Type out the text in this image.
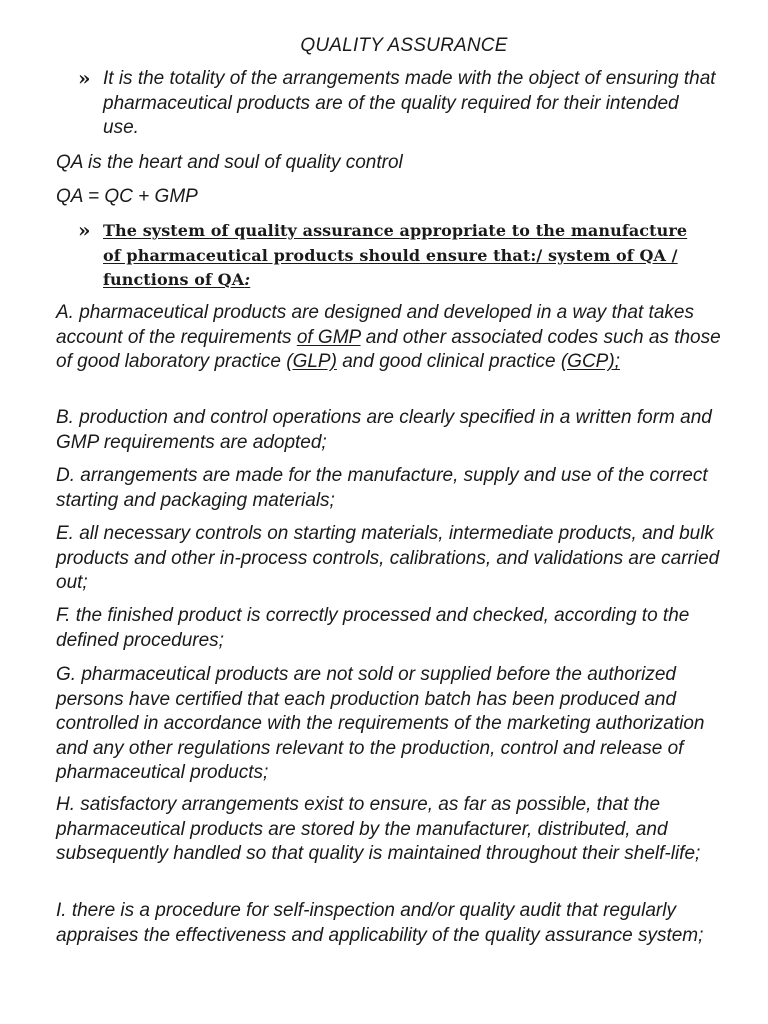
QUALITY ASSURANCE
» It is the totality of the arrangements made with the object of ensuring that pharmaceutical products are of the quality required for their intended use.
QA is the heart and soul of quality control
QA = QC + GMP
» The system of quality assurance appropriate to the manufacture of pharmaceutical products should ensure that:/ system of QA / functions of QA:
A. pharmaceutical products are designed and developed in a way that takes account of the requirements of GMP and other associated codes such as those of good laboratory practice (GLP) and good clinical practice (GCP);
B. production and control operations are clearly specified in a written form and GMP requirements are adopted;
D. arrangements are made for the manufacture, supply and use of the correct starting and packaging materials;
E. all necessary controls on starting materials, intermediate products, and bulk products and other in-process controls, calibrations, and validations are carried out;
F. the finished product is correctly processed and checked, according to the defined procedures;
G. pharmaceutical products are not sold or supplied before the authorized persons have certified that each production batch has been produced and controlled in accordance with the requirements of the marketing authorization and any other regulations relevant to the production, control and release of pharmaceutical products;
H. satisfactory arrangements exist to ensure, as far as possible, that the pharmaceutical products are stored by the manufacturer, distributed, and subsequently handled so that quality is maintained throughout their shelf-life;
I. there is a procedure for self-inspection and/or quality audit that regularly appraises the effectiveness and applicability of the quality assurance system;
